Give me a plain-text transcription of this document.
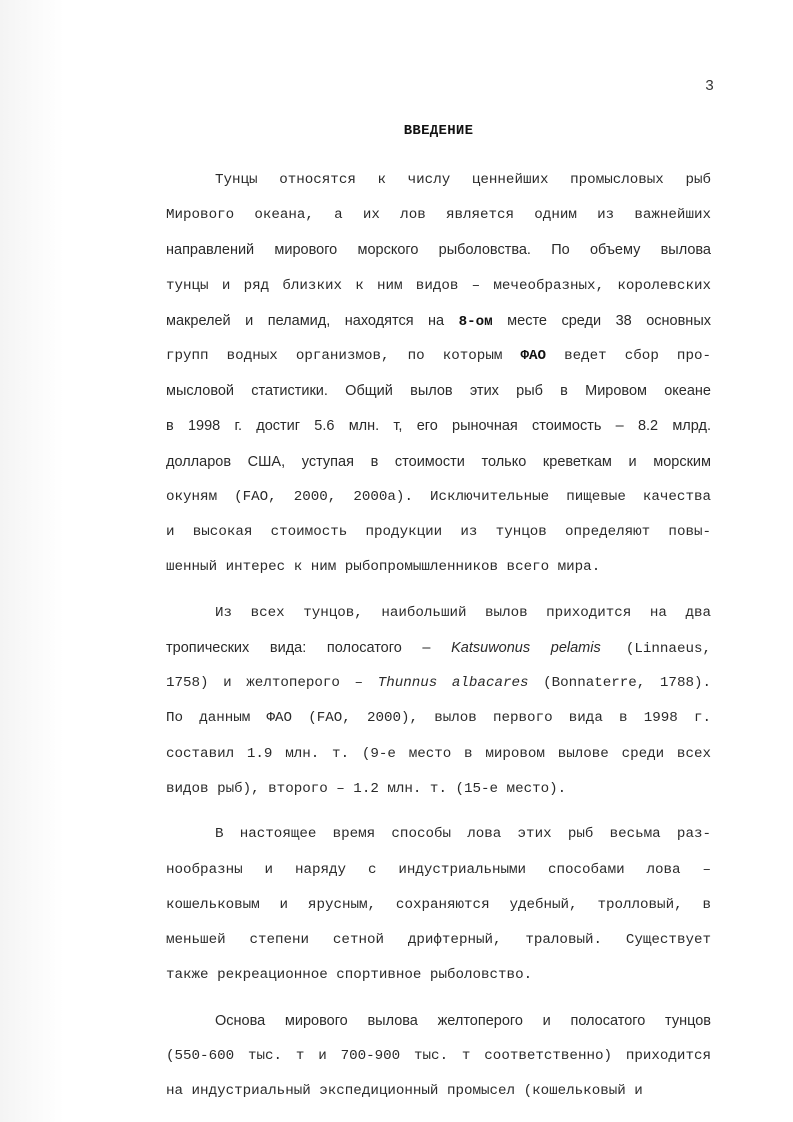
3
ВВЕДЕНИЕ
Тунцы относятся к числу ценнейших промысловых рыб
Мирового океана, а их лов является одним из важнейших
направлений мирового морского рыболовства. По объему вылова
тунцы и ряд близких к ним видов – мечеобразных, королевских
макрелей и пеламид, находятся на 8-ом месте среди 38 основных
групп водных организмов, по которым ФАО ведет сбор про-
мысловой статистики. Общий вылов этих рыб в Мировом океане
в 1998 г. достиг 5.6 млн. т, его рыночная стоимость – 8.2 млрд.
долларов США, уступая в стоимости только креветкам и морским
окуням (FAO, 2000, 2000а). Исключительные пищевые качества
и высокая стоимость продукции из тунцов определяют повы-
шенный интерес к ним рыбопромышленников всего мира.
Из всех тунцов, наибольший вылов приходится на два
тропических вида: полосатого – Katsuwonus pelamis (Linnaeus,
1758) и желтоперого – Thunnus albacares (Bonnaterre, 1788).
По данным ФАО (FAO, 2000), вылов первого вида в 1998 г.
составил 1.9 млн. т. (9-е место в мировом вылове среди всех
видов рыб), второго – 1.2 млн. т. (15-е место).
В настоящее время способы лова этих рыб весьма раз-
нообразны и наряду с индустриальными способами лова –
кошельковым и ярусным, сохраняются удебный, тролловый, в
меньшей степени сетной дрифтерный, траловый. Существует
также рекреационное спортивное рыболовство.
Основа мирового вылова желтоперого и полосатого тунцов
(550-600 тыс. т и 700-900 тыс. т соответственно) приходится
на индустриальный экспедиционный промысел (кошельковый и
